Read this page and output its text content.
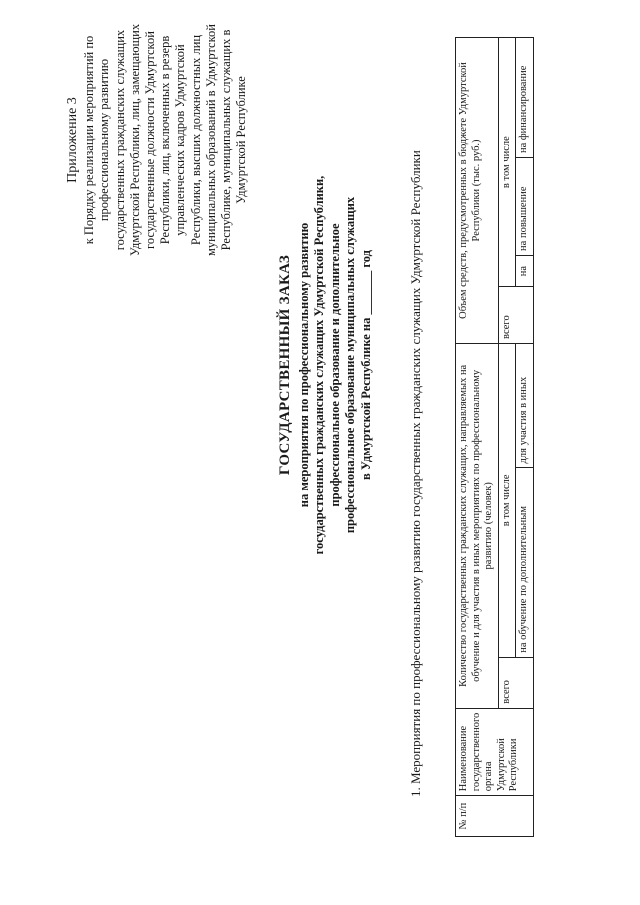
Приложение 3 к Порядку реализации мероприятий по профессиональному развитию государственных гражданских служащих Удмуртской Республики, лиц, замещающих государственные должности Удмуртской Республики, лиц, включенных в резерв управленческих кадров Удмуртской Республики, высших должностных лиц муниципальных образований в Удмуртской Республике, муниципальных служащих в Удмуртской Республике
ГОСУДАРСТВЕННЫЙ ЗАКАЗ на мероприятия по профессиональному развитию государственных гражданских служащих Удмуртской Республики, профессиональное образование и дополнительное профессиональное образование муниципальных служащих в Удмуртской Республике на _______ год
1. Мероприятия по профессиональному развитию государственных гражданских служащих Удмуртской Республики
№ п/п	Наименование государственного органа Удмуртской Республики	Количество государственных гражданских служащих, направляемых на обучение и для участия в иных мероприятиях по профессиональному развитию (человек)			Объем средств, предусмотренных в бюджете Удмуртской Республики (тыс. руб.)			
		всего	в том числе		всего	в том числе		
			на обучение по дополнительным	для участия в иных		на	на повышение	на финансирование
